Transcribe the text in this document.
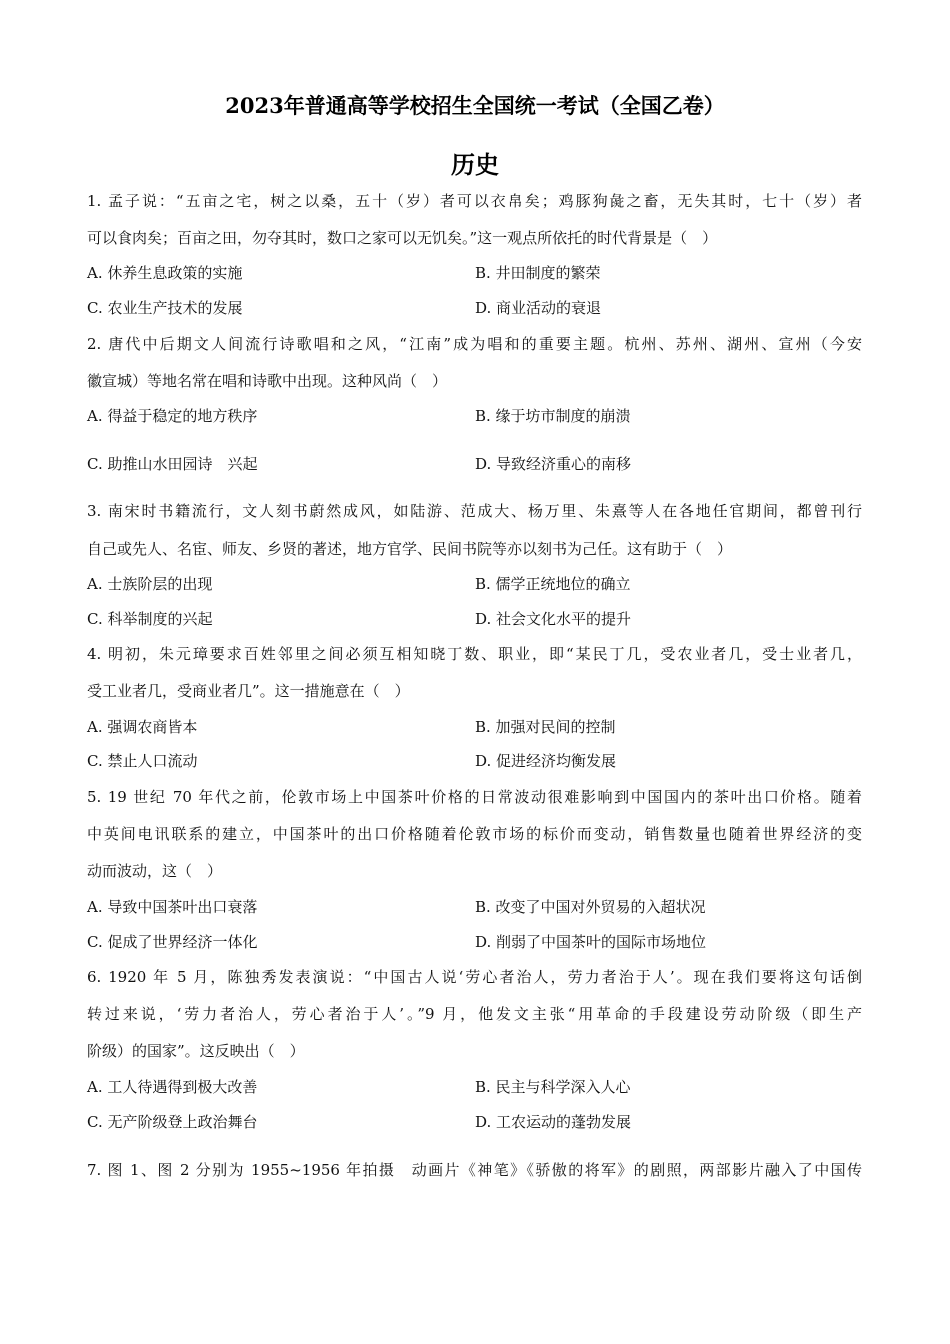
2023年普通高等学校招生全国统一考试（全国乙卷）
历史
1. 孟子说：“五亩之宅，树之以桑，五十（岁）者可以衣帛矣；鸡豚狗彘之畜，无失其时，七十（岁）者
可以食肉矣；百亩之田，勿夺其时，数口之家可以无饥矣。”这一观点所依托的时代背景是（　）
A. 休养生息政策的实施	B. 井田制度的繁荣
C. 农业生产技术的发展	D. 商业活动的衰退
2. 唐代中后期文人间流行诗歌唱和之风，“江南”成为唱和的重要主题。杭州、苏州、湖州、宣州（今安
徽宣城）等地名常在唱和诗歌中出现。这种风尚（　）
A. 得益于稳定的地方秩序	B. 缘于坊市制度的崩溃
C. 助推山水田园诗　兴起	D. 导致经济重心的南移
3. 南宋时书籍流行，文人刻书蔚然成风，如陆游、范成大、杨万里、朱熹等人在各地任官期间，都曾刊行
自己或先人、名宦、师友、乡贤的著述，地方官学、民间书院等亦以刻书为己任。这有助于（　）
A. 士族阶层的出现	B. 儒学正统地位的确立
C. 科举制度的兴起	D. 社会文化水平的提升
4. 明初，朱元璋要求百姓邻里之间必须互相知晓丁数、职业，即“某民丁几，受农业者几，受士业者几，
受工业者几，受商业者几”。这一措施意在（　）
A. 强调农商皆本	B. 加强对民间的控制
C. 禁止人口流动	D. 促进经济均衡发展
5. 19 世纪 70 年代之前，伦敦市场上中国茶叶价格的日常波动很难影响到中国国内的茶叶出口价格。随着
中英间电讯联系的建立，中国茶叶的出口价格随着伦敦市场的标价而变动，销售数量也随着世界经济的变
动而波动，这（　）
A. 导致中国茶叶出口衰落	B. 改变了中国对外贸易的入超状况
C. 促成了世界经济一体化	D. 削弱了中国茶叶的国际市场地位
6. 1920 年 5 月，陈独秀发表演说：“中国古人说‘劳心者治人，劳力者治于人’。现在我们要将这句话倒
转过来说，‘劳力者治人，劳心者治于人’。”9 月，他发文主张“用革命的手段建设劳动阶级（即生产
阶级）的国家”。这反映出（　）
A. 工人待遇得到极大改善	B. 民主与科学深入人心
C. 无产阶级登上政治舞台	D. 工农运动的蓬勃发展
7. 图 1、图 2 分别为 1955~1956 年拍摄　动画片《神笔》《骄傲的将军》的剧照，两部影片融入了中国传
